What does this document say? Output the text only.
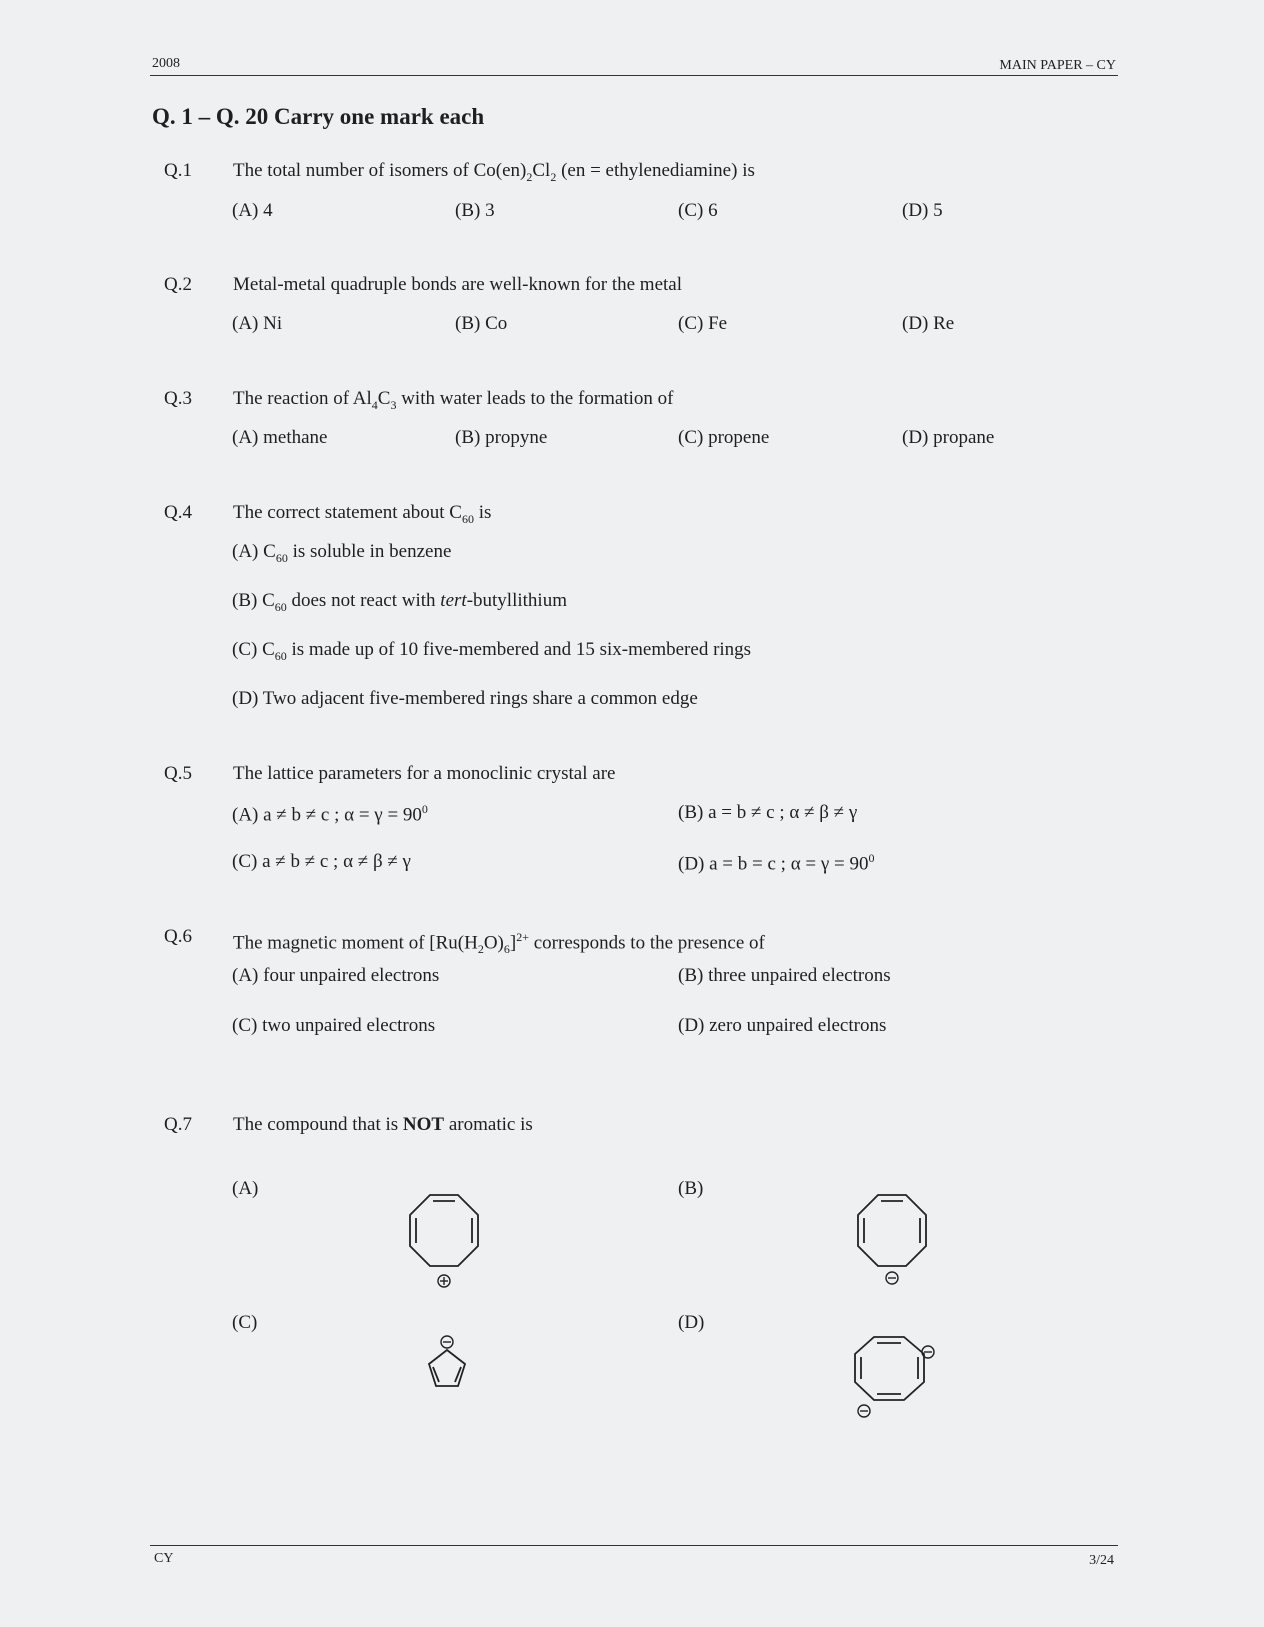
2008	MAIN PAPER – CY
Q. 1 – Q. 20 Carry one mark each
Q.1 The total number of isomers of $Co(en)_2Cl_2$ (en = ethylenediamine) is
(A) 4	(B) 3	(C) 6	(D) 5
Q.2 Metal-metal quadruple bonds are well-known for the metal
(A) Ni	(B) Co	(C) Fe	(D) Re
Q.3 The reaction of $Al_4C_3$ with water leads to the formation of
(A) methane	(B) propyne	(C) propene	(D) propane
Q.4 The correct statement about $C_{60}$ is
(A) $C_{60}$ is soluble in benzene
(B) $C_{60}$ does not react with tert-butyllithium
(C) $C_{60}$ is made up of 10 five-membered and 15 six-membered rings
(D) Two adjacent five-membered rings share a common edge
Q.5 The lattice parameters for a monoclinic crystal are
(A) a ≠ b ≠ c ; $\alpha = \gamma = 90^0$	(B) a = b ≠ c ; α ≠ β ≠ γ
(C) a ≠ b ≠ c ; α ≠ β ≠ γ	(D) a = b = c ; $\alpha = \gamma = 90^0$
Q.6 The magnetic moment of $[Ru(H_2O)_6]^{2+}$ corresponds to the presence of
(A) four unpaired electrons	(B) three unpaired electrons
(C) two unpaired electrons	(D) zero unpaired electrons
Q.7 The compound that is NOT aromatic is
(A)	(B)
(C)	(D)
CY	3/24
